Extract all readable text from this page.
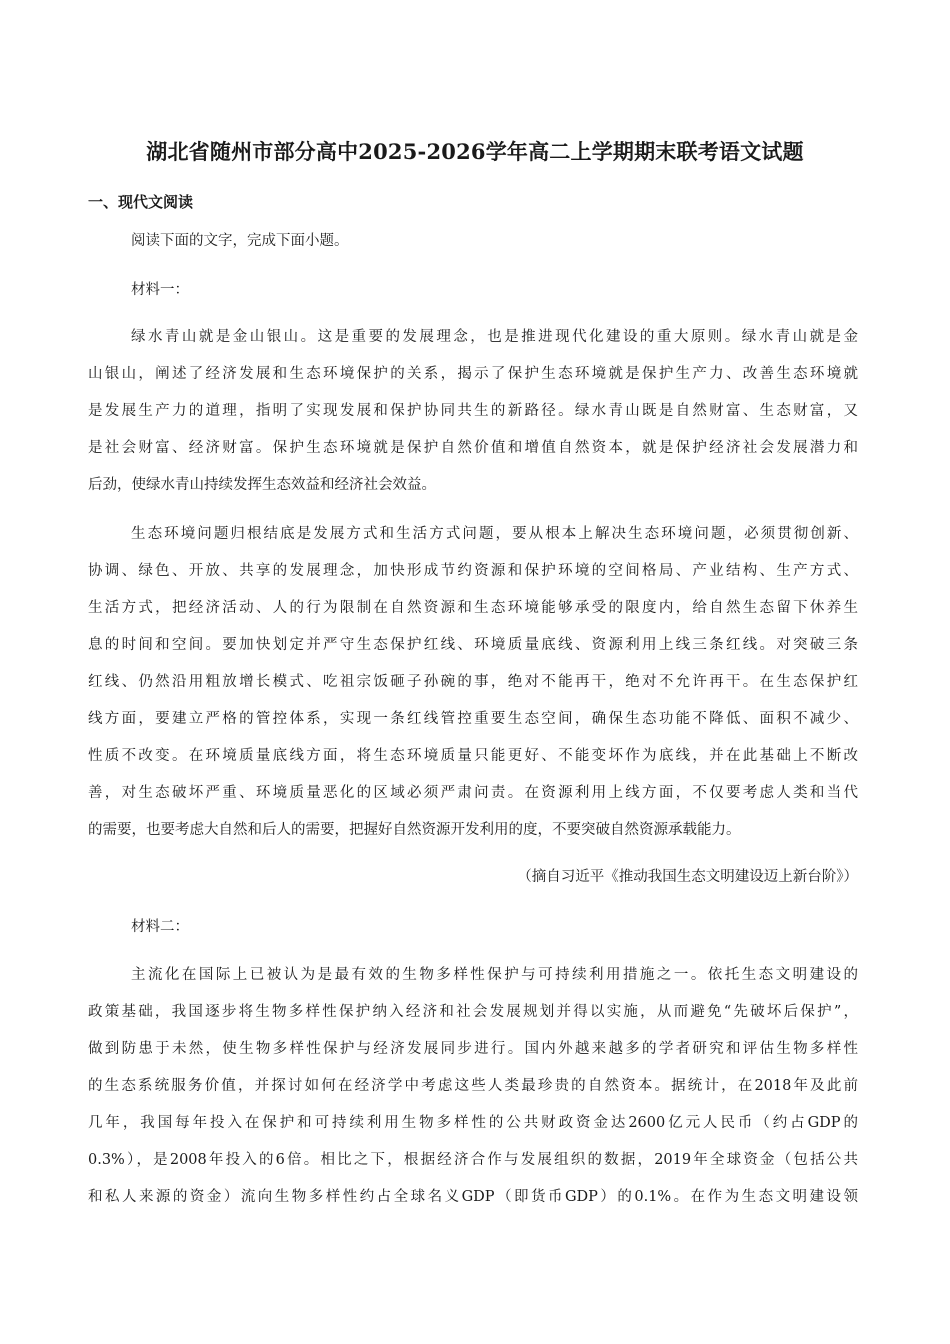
湖北省随州市部分高中2025-2026学年高二上学期期末联考语文试题
一、现代文阅读
阅读下面的文字，完成下面小题。
材料一：
绿水青山就是金山银山。这是重要的发展理念，也是推进现代化建设的重大原则。绿水青山就是金
山银山，阐述了经济发展和生态环境保护的关系，揭示了保护生态环境就是保护生产力、改善生态环境就
是发展生产力的道理，指明了实现发展和保护协同共生的新路径。绿水青山既是自然财富、生态财富，又
是社会财富、经济财富。保护生态环境就是保护自然价值和增值自然资本，就是保护经济社会发展潜力和
后劲，使绿水青山持续发挥生态效益和经济社会效益。
生态环境问题归根结底是发展方式和生活方式问题，要从根本上解决生态环境问题，必须贯彻创新、
协调、绿色、开放、共享的发展理念，加快形成节约资源和保护环境的空间格局、产业结构、生产方式、
生活方式，把经济活动、人的行为限制在自然资源和生态环境能够承受的限度内，给自然生态留下休养生
息的时间和空间。要加快划定并严守生态保护红线、环境质量底线、资源利用上线三条红线。对突破三条
红线、仍然沿用粗放增长模式、吃祖宗饭砸子孙碗的事，绝对不能再干，绝对不允许再干。在生态保护红
线方面，要建立严格的管控体系，实现一条红线管控重要生态空间，确保生态功能不降低、面积不减少、
性质不改变。在环境质量底线方面，将生态环境质量只能更好、不能变坏作为底线，并在此基础上不断改
善，对生态破坏严重、环境质量恶化的区域必须严肃问责。在资源利用上线方面，不仅要考虑人类和当代
的需要，也要考虑大自然和后人的需要，把握好自然资源开发利用的度，不要突破自然资源承载能力。
（摘自习近平《推动我国生态文明建设迈上新台阶》）
材料二：
主流化在国际上已被认为是最有效的生物多样性保护与可持续利用措施之一。依托生态文明建设的
政策基础，我国逐步将生物多样性保护纳入经济和社会发展规划并得以实施，从而避免“先破坏后保护”，
做到防患于未然，使生物多样性保护与经济发展同步进行。国内外越来越多的学者研究和评估生物多样性
的生态系统服务价值，并探讨如何在经济学中考虑这些人类最珍贵的自然资本。据统计，在2018年及此前
几年，我国每年投入在保护和可持续利用生物多样性的公共财政资金达2600亿元人民币（约占GDP的
0.3%），是2008年投入的6倍。相比之下，根据经济合作与发展组织的数据，2019年全球资金（包括公共
和私人来源的资金）流向生物多样性约占全球名义GDP（即货币GDP）的0.1%。在作为生态文明建设领
